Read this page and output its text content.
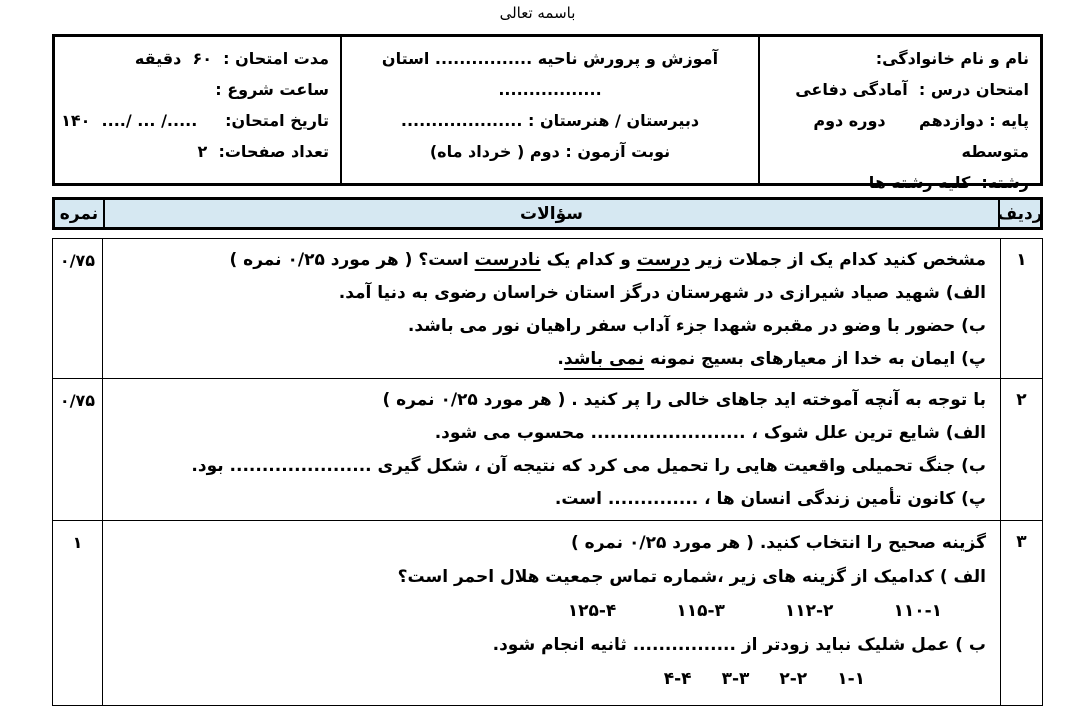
باسمه تعالی
نام و نام خانوادگی:
امتحان درس :  آمادگی دفاعی
پایه : دوازدهم      دوره دوم متوسطه
رشته:  کلیه رشته ها
آموزش و پرورش ناحیه ................ استان .................
دبیرستان / هنرستان : ....................
نوبت آزمون : دوم ( خرداد ماه)
مدت امتحان :  ۶۰  دقیقه
ساعت شروع :
تاریخ امتحان:     ...../ ... /....  ۱۴۰
تعداد صفحات:  ۲
ردیف
سؤالات
نمره
۱
مشخص کنید کدام یک از جملات زیر درست و کدام یک نادرست است؟ ( هر مورد ۰/۲۵ نمره )
الف) شهید صیاد شیرازی در شهرستان درگز استان خراسان رضوی به دنیا آمد.
ب) حضور با وضو در مقبره شهدا جزء آداب سفر راهیان نور می باشد.
پ) ایمان به خدا از معیارهای بسیج نمونه نمی باشد.
۰/۷۵
۲
با توجه به آنچه آموخته اید جاهای خالی را پر کنید . ( هر مورد ۰/۲۵ نمره )
الف) شایع ترین علل شوک ، ........................ محسوب می شود.
ب) جنگ تحمیلی واقعیت هایی را تحمیل می کرد که نتیجه آن ، شکل گیری ...................... بود.
پ) کانون تأمین زندگی انسان ها ، .............. است.
۰/۷۵
۳
گزینه صحیح را انتخاب کنید. ( هر مورد ۰/۲۵ نمره )
الف ) کدامیک از گزینه های زیر ،شماره تماس جمعیت هلال احمر است؟
۱۱۰-۱
۱۱۲-۲
۱۱۵-۳
۱۲۵-۴
ب ) عمل شلیک نباید زودتر از ................ ثانیه انجام شود.
۱-۱
۲-۲
۳-۳
۴-۴
۱
